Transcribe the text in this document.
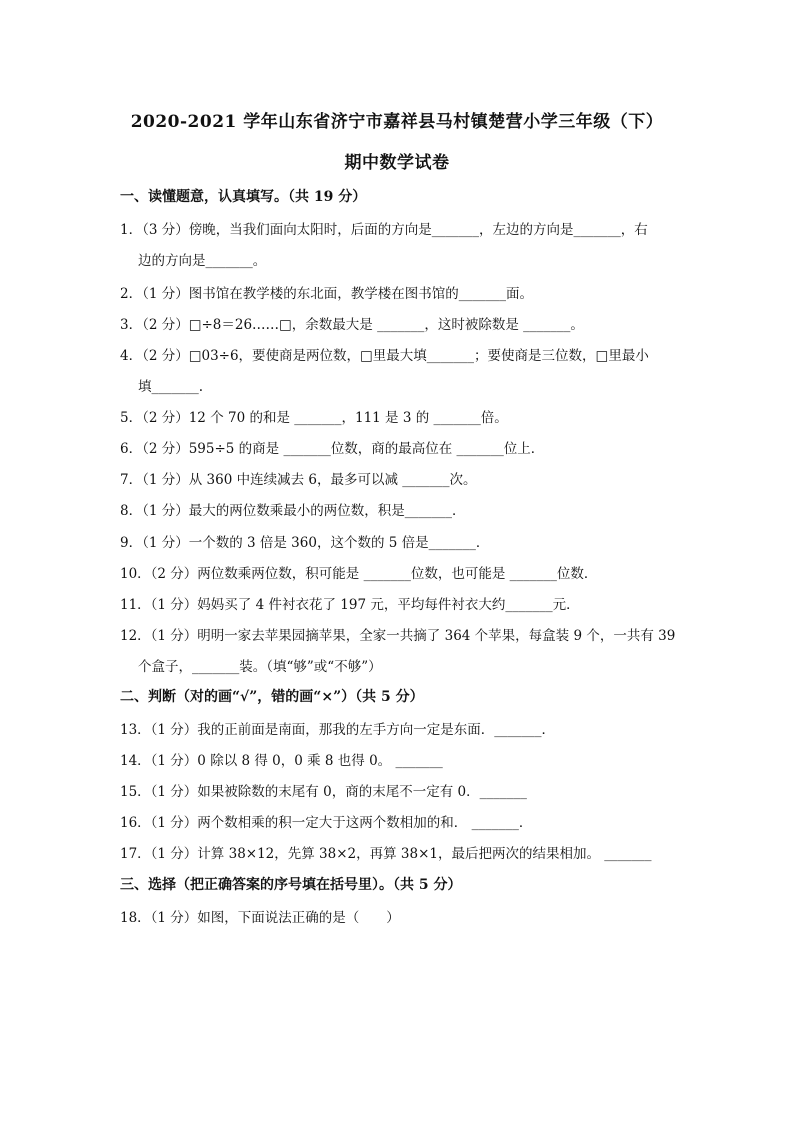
2020-2021 学年山东省济宁市嘉祥县马村镇楚营小学三年级（下）
期中数学试卷
一、读懂题意，认真填写。（共 19 分）
1．（3 分）傍晚，当我们面向太阳时，后面的方向是_______，左边的方向是_______，右
边的方向是_______。
2．（1 分）图书馆在教学楼的东北面，教学楼在图书馆的_______面。
3．（2 分）□÷8＝26……□，余数最大是 _______，这时被除数是 _______。
4．（2 分）□03÷6，要使商是两位数，□里最大填_______；要使商是三位数，□里最小
填_______.
5．（2 分）12 个 70 的和是 _______，111 是 3 的 _______倍。
6．（2 分）595÷5 的商是 _______位数，商的最高位在 _______位上．
7．（1 分）从 360 中连续减去 6，最多可以减 _______次。
8．（1 分）最大的两位数乘最小的两位数，积是_______．
9．（1 分）一个数的 3 倍是 360，这个数的 5 倍是_______．
10．（2 分）两位数乘两位数，积可能是 _______位数，也可能是 _______位数．
11．（1 分）妈妈买了 4 件衬衣花了 197 元，平均每件衬衣大约_______元．
12．（1 分）明明一家去苹果园摘苹果，全家一共摘了 364 个苹果，每盒装 9 个，一共有 39
个盒子，_______装。（填“够”或“不够”）
二、判断（对的画“√”，错的画“×”）（共 5 分）
13．（1 分）我的正前面是南面，那我的左手方向一定是东面．_______．
14．（1 分）0 除以 8 得 0，0 乘 8 也得 0。 _______
15．（1 分）如果被除数的末尾有 0，商的末尾不一定有 0．_______
16．（1 分）两个数相乘的积一定大于这两个数相加的和． _______．
17．（1 分）计算 38×12，先算 38×2，再算 38×1，最后把两次的结果相加。 _______
三、选择（把正确答案的序号填在括号里）。（共 5 分）
18．（1 分）如图，下面说法正确的是（　　）
